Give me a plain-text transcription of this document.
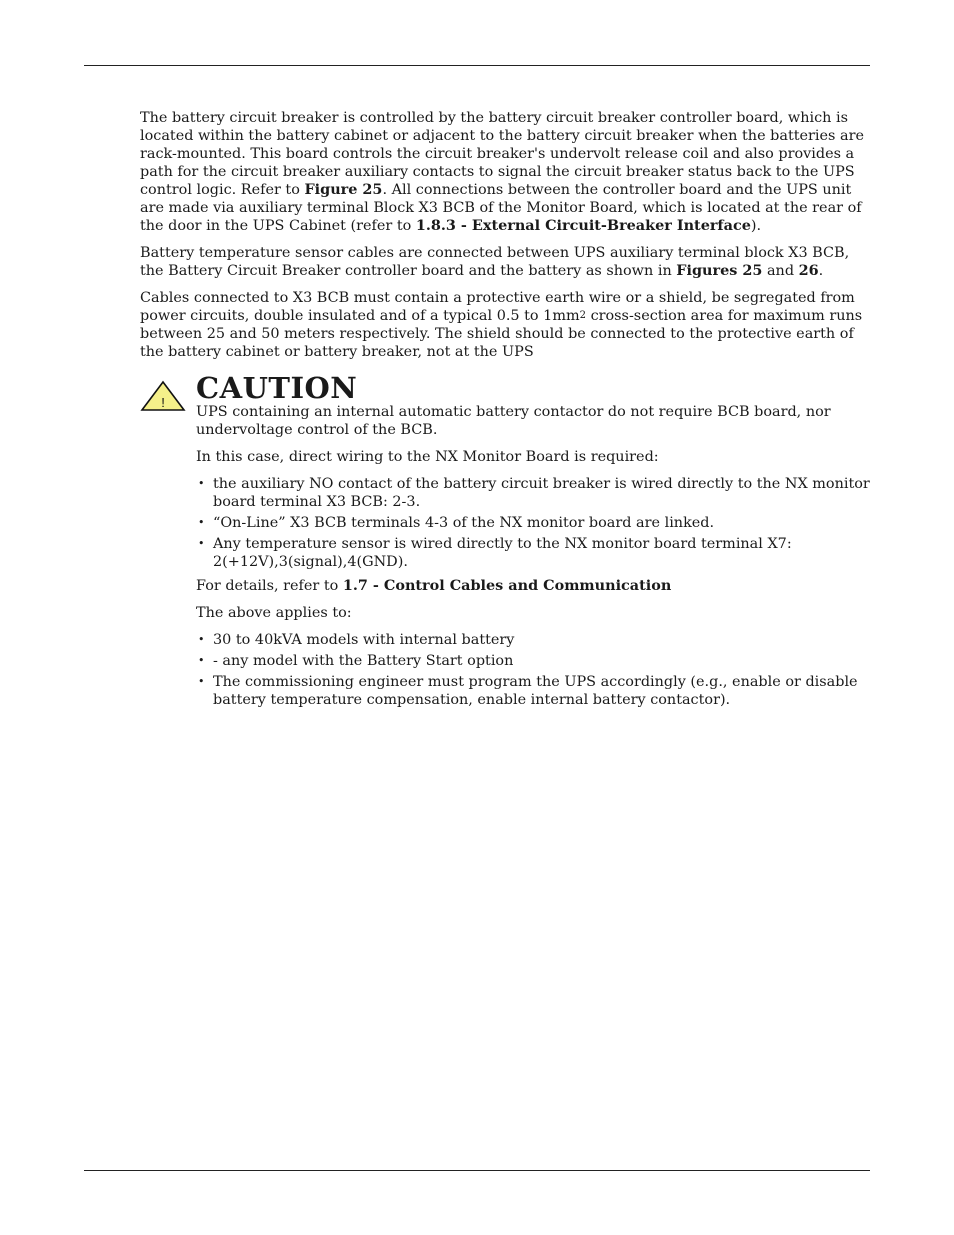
The battery circuit breaker is controlled by the battery circuit breaker controller board, which is located within the battery cabinet or adjacent to the battery circuit breaker when the batteries are rack-mounted. This board controls the circuit breaker's undervolt release coil and also provides a path for the circuit breaker auxiliary contacts to signal the circuit breaker status back to the UPS control logic. Refer to Figure 25. All connections between the controller board and the UPS unit are made via auxiliary terminal Block X3 BCB of the Monitor Board, which is located at the rear of the door in the UPS Cabinet (refer to 1.8.3 - External Circuit-Breaker Interface).

Battery temperature sensor cables are connected between UPS auxiliary terminal block X3 BCB, the Battery Circuit Breaker controller board and the battery as shown in Figures 25 and 26.

Cables connected to X3 BCB must contain a protective earth wire or a shield, be segregated from power circuits, double insulated and of a typical 0.5 to $1mm^2$ cross-section area for maximum runs between 25 and 50 meters respectively. The shield should be connected to the protective earth of the battery cabinet or battery breaker, not at the UPS

! CAUTION

UPS containing an internal automatic battery contactor do not require BCB board, nor undervoltage control of the BCB.

In this case, direct wiring to the NX Monitor Board is required:

• the auxiliary NO contact of the battery circuit breaker is wired directly to the NX monitor board terminal X3 BCB: 2-3.
• “On-Line” X3 BCB terminals 4-3 of the NX monitor board are linked.
• Any temperature sensor is wired directly to the NX monitor board terminal X7: 2(+12V),3(signal),4(GND).

For details, refer to 1.7 - Control Cables and Communication

The above applies to:

• 30 to 40kVA models with internal battery
• - any model with the Battery Start option
• The commissioning engineer must program the UPS accordingly (e.g., enable or disable battery temperature compensation, enable internal battery contactor).
